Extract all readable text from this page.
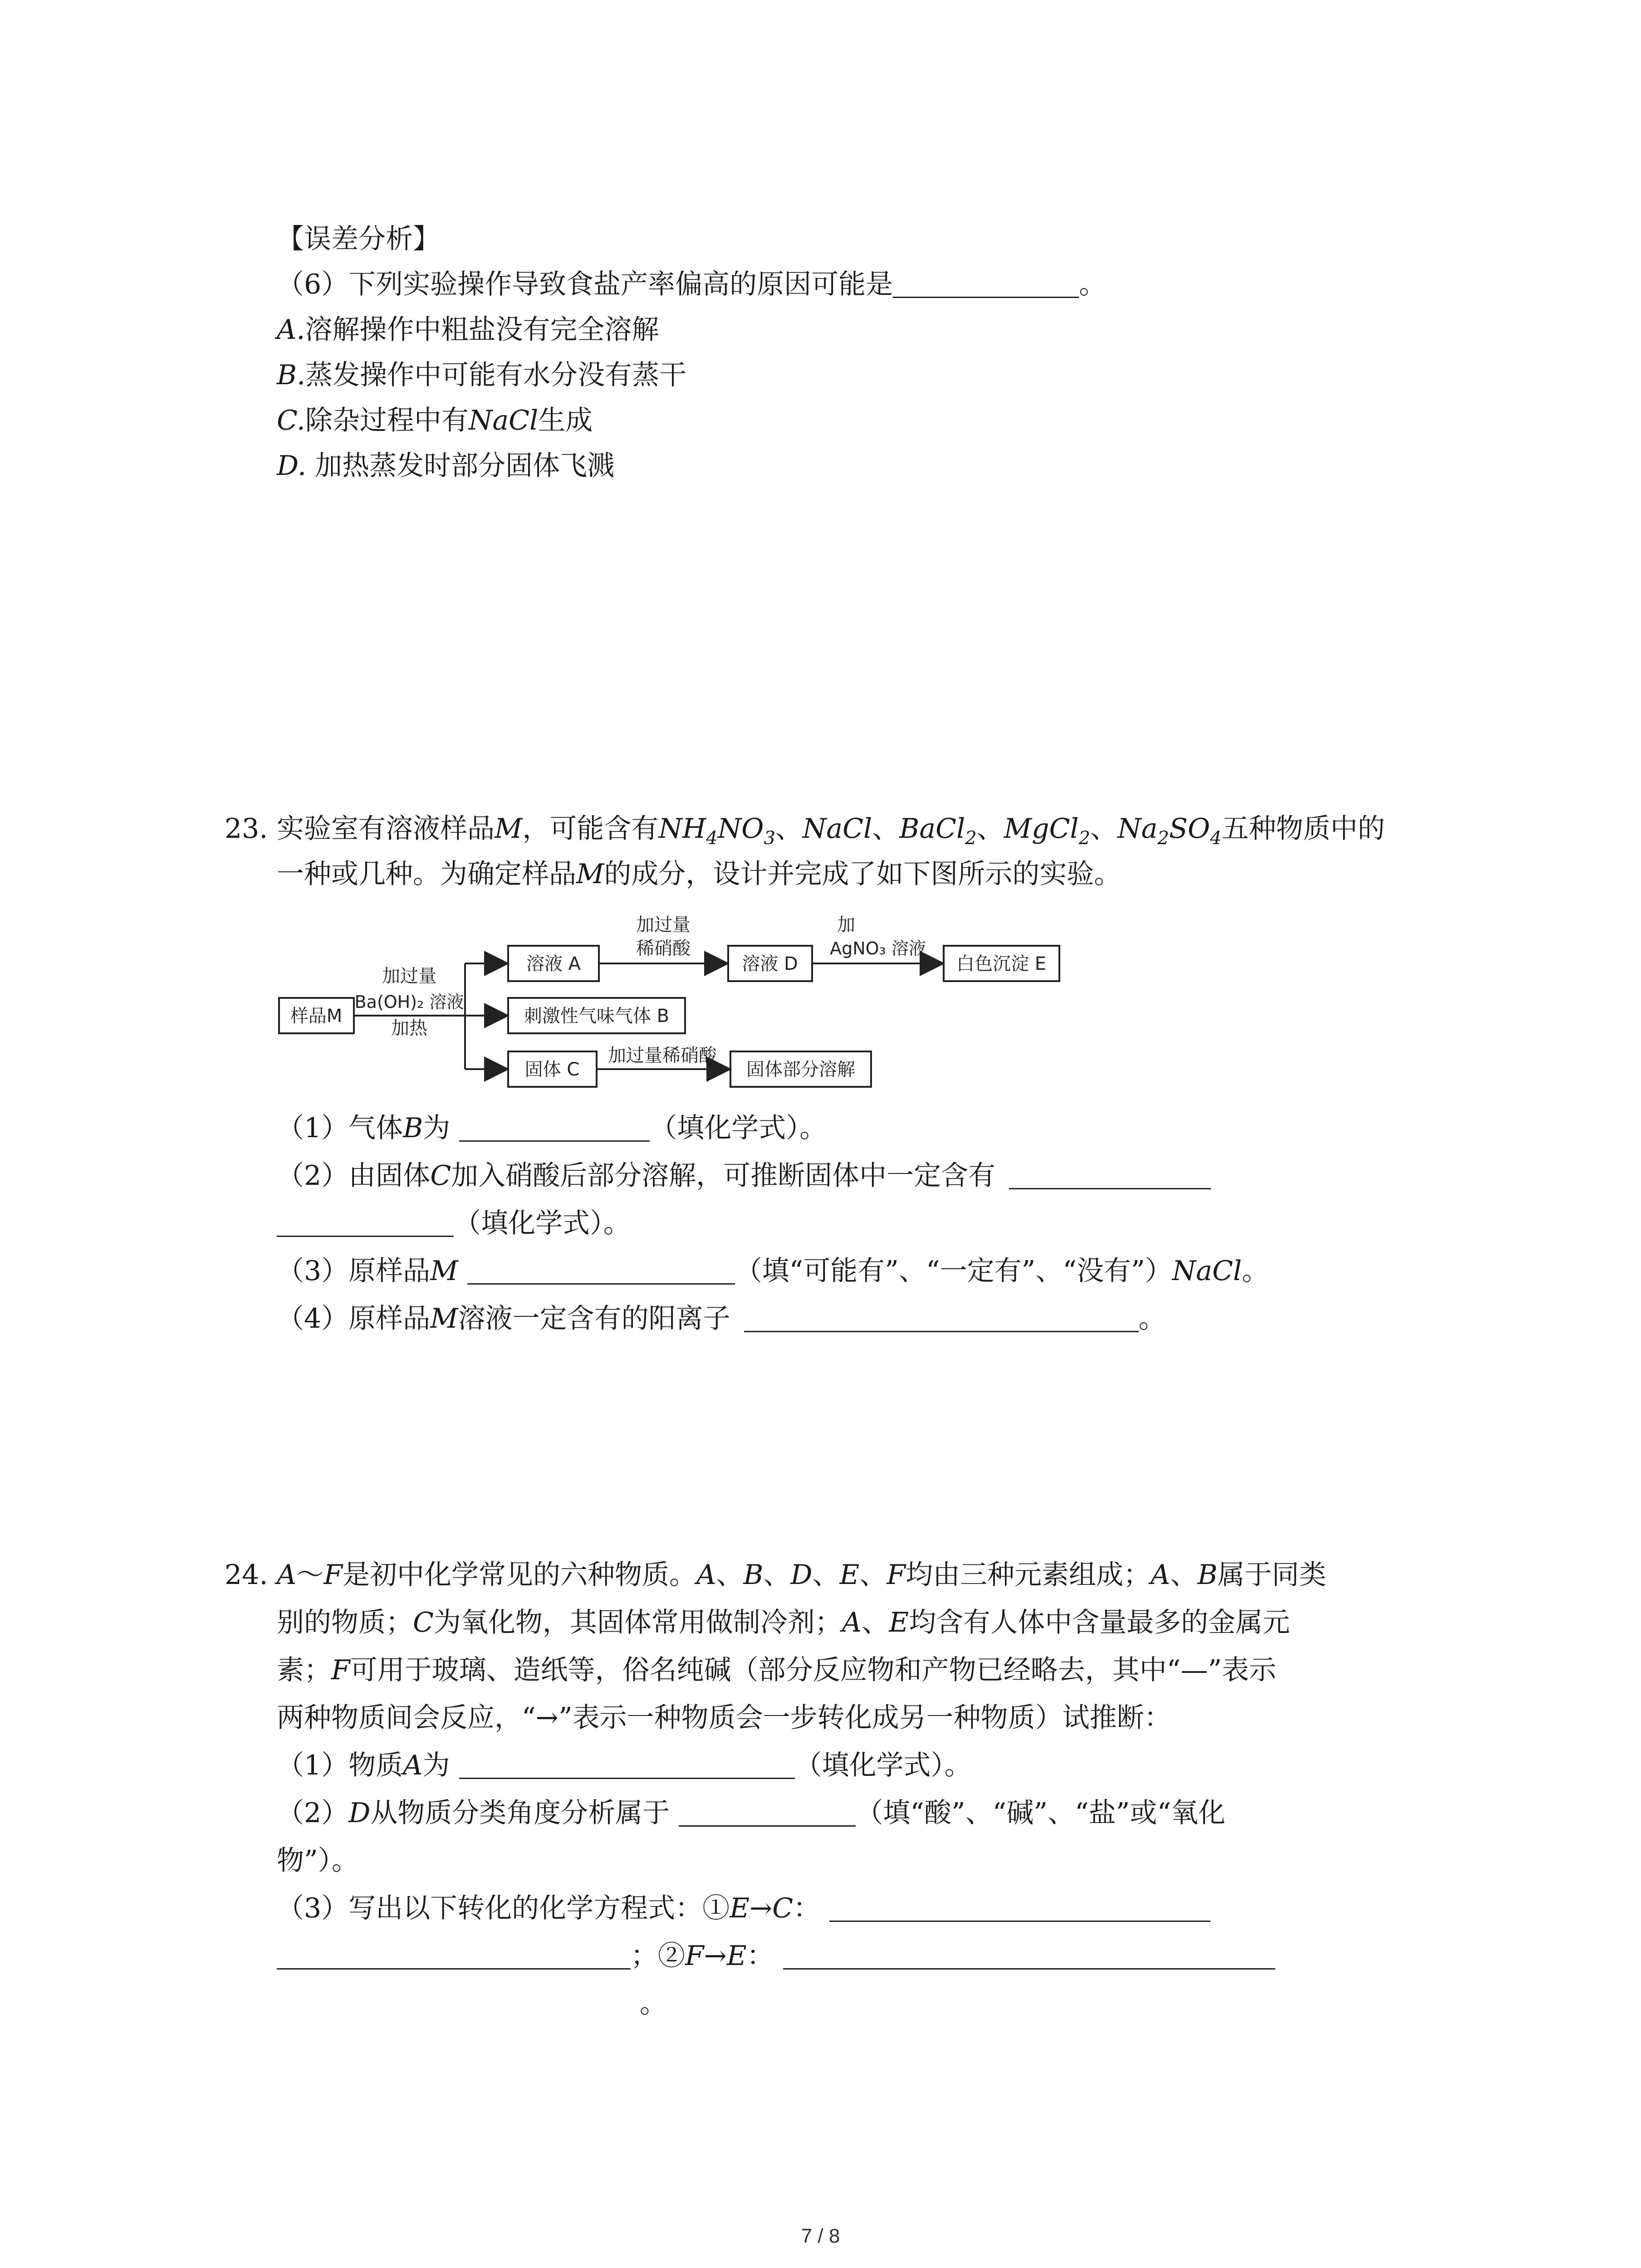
【误差分析】
（6）下列实验操作导致食盐产率偏高的原因可能是	。
A.溶解操作中粗盐没有完全溶解
B.蒸发操作中可能有水分没有蒸干
C.除杂过程中有NaCl生成
D. 加热蒸发时部分固体飞溅
23. 实验室有溶液样品M，可能含有$NH_4NO_3$、NaCl、BaCl$_2$、MgCl$_2$、$Na_2SO_4$五种物质中的
一种或几种。为确定样品M的成分，设计并完成了如下图所示的实验。
样品M
溶液 A
刺激性气味气体 B
固体 C
溶液 D	白色沉淀 E
固体部分溶解
加过量
Ba(OH)₂ 溶液
加热
加过量
稀硝酸
加
AgNO₃ 溶液
加过量稀硝酸
（1）气体B为	（填化学式）。
（2）由固体C加入硝酸后部分溶解，可推断固体中一定含有
（填化学式）。
（3）原样品M	（填“可能有”、“一定有”、“没有”）NaCl。
（4）原样品M溶液一定含有的阳离子	。
24. A～F是初中化学常见的六种物质。A、B、D、E、F均由三种元素组成；A、B属于同类
别的物质；C为氧化物，其固体常用做制冷剂；A、E均含有人体中含量最多的金属元
素；F可用于玻璃、造纸等，俗名纯碱（部分反应物和产物已经略去，其中“—”表示
两种物质间会反应，“→”表示一种物质会一步转化成另一种物质）试推断：
（1）物质A为	（填化学式）。
（2）D从物质分类角度分析属于	（填“酸”、“碱”、“盐”或“氧化
物”）。
（3）写出以下转化的化学方程式：①E→C：
；②F→E：
。
7 / 8
